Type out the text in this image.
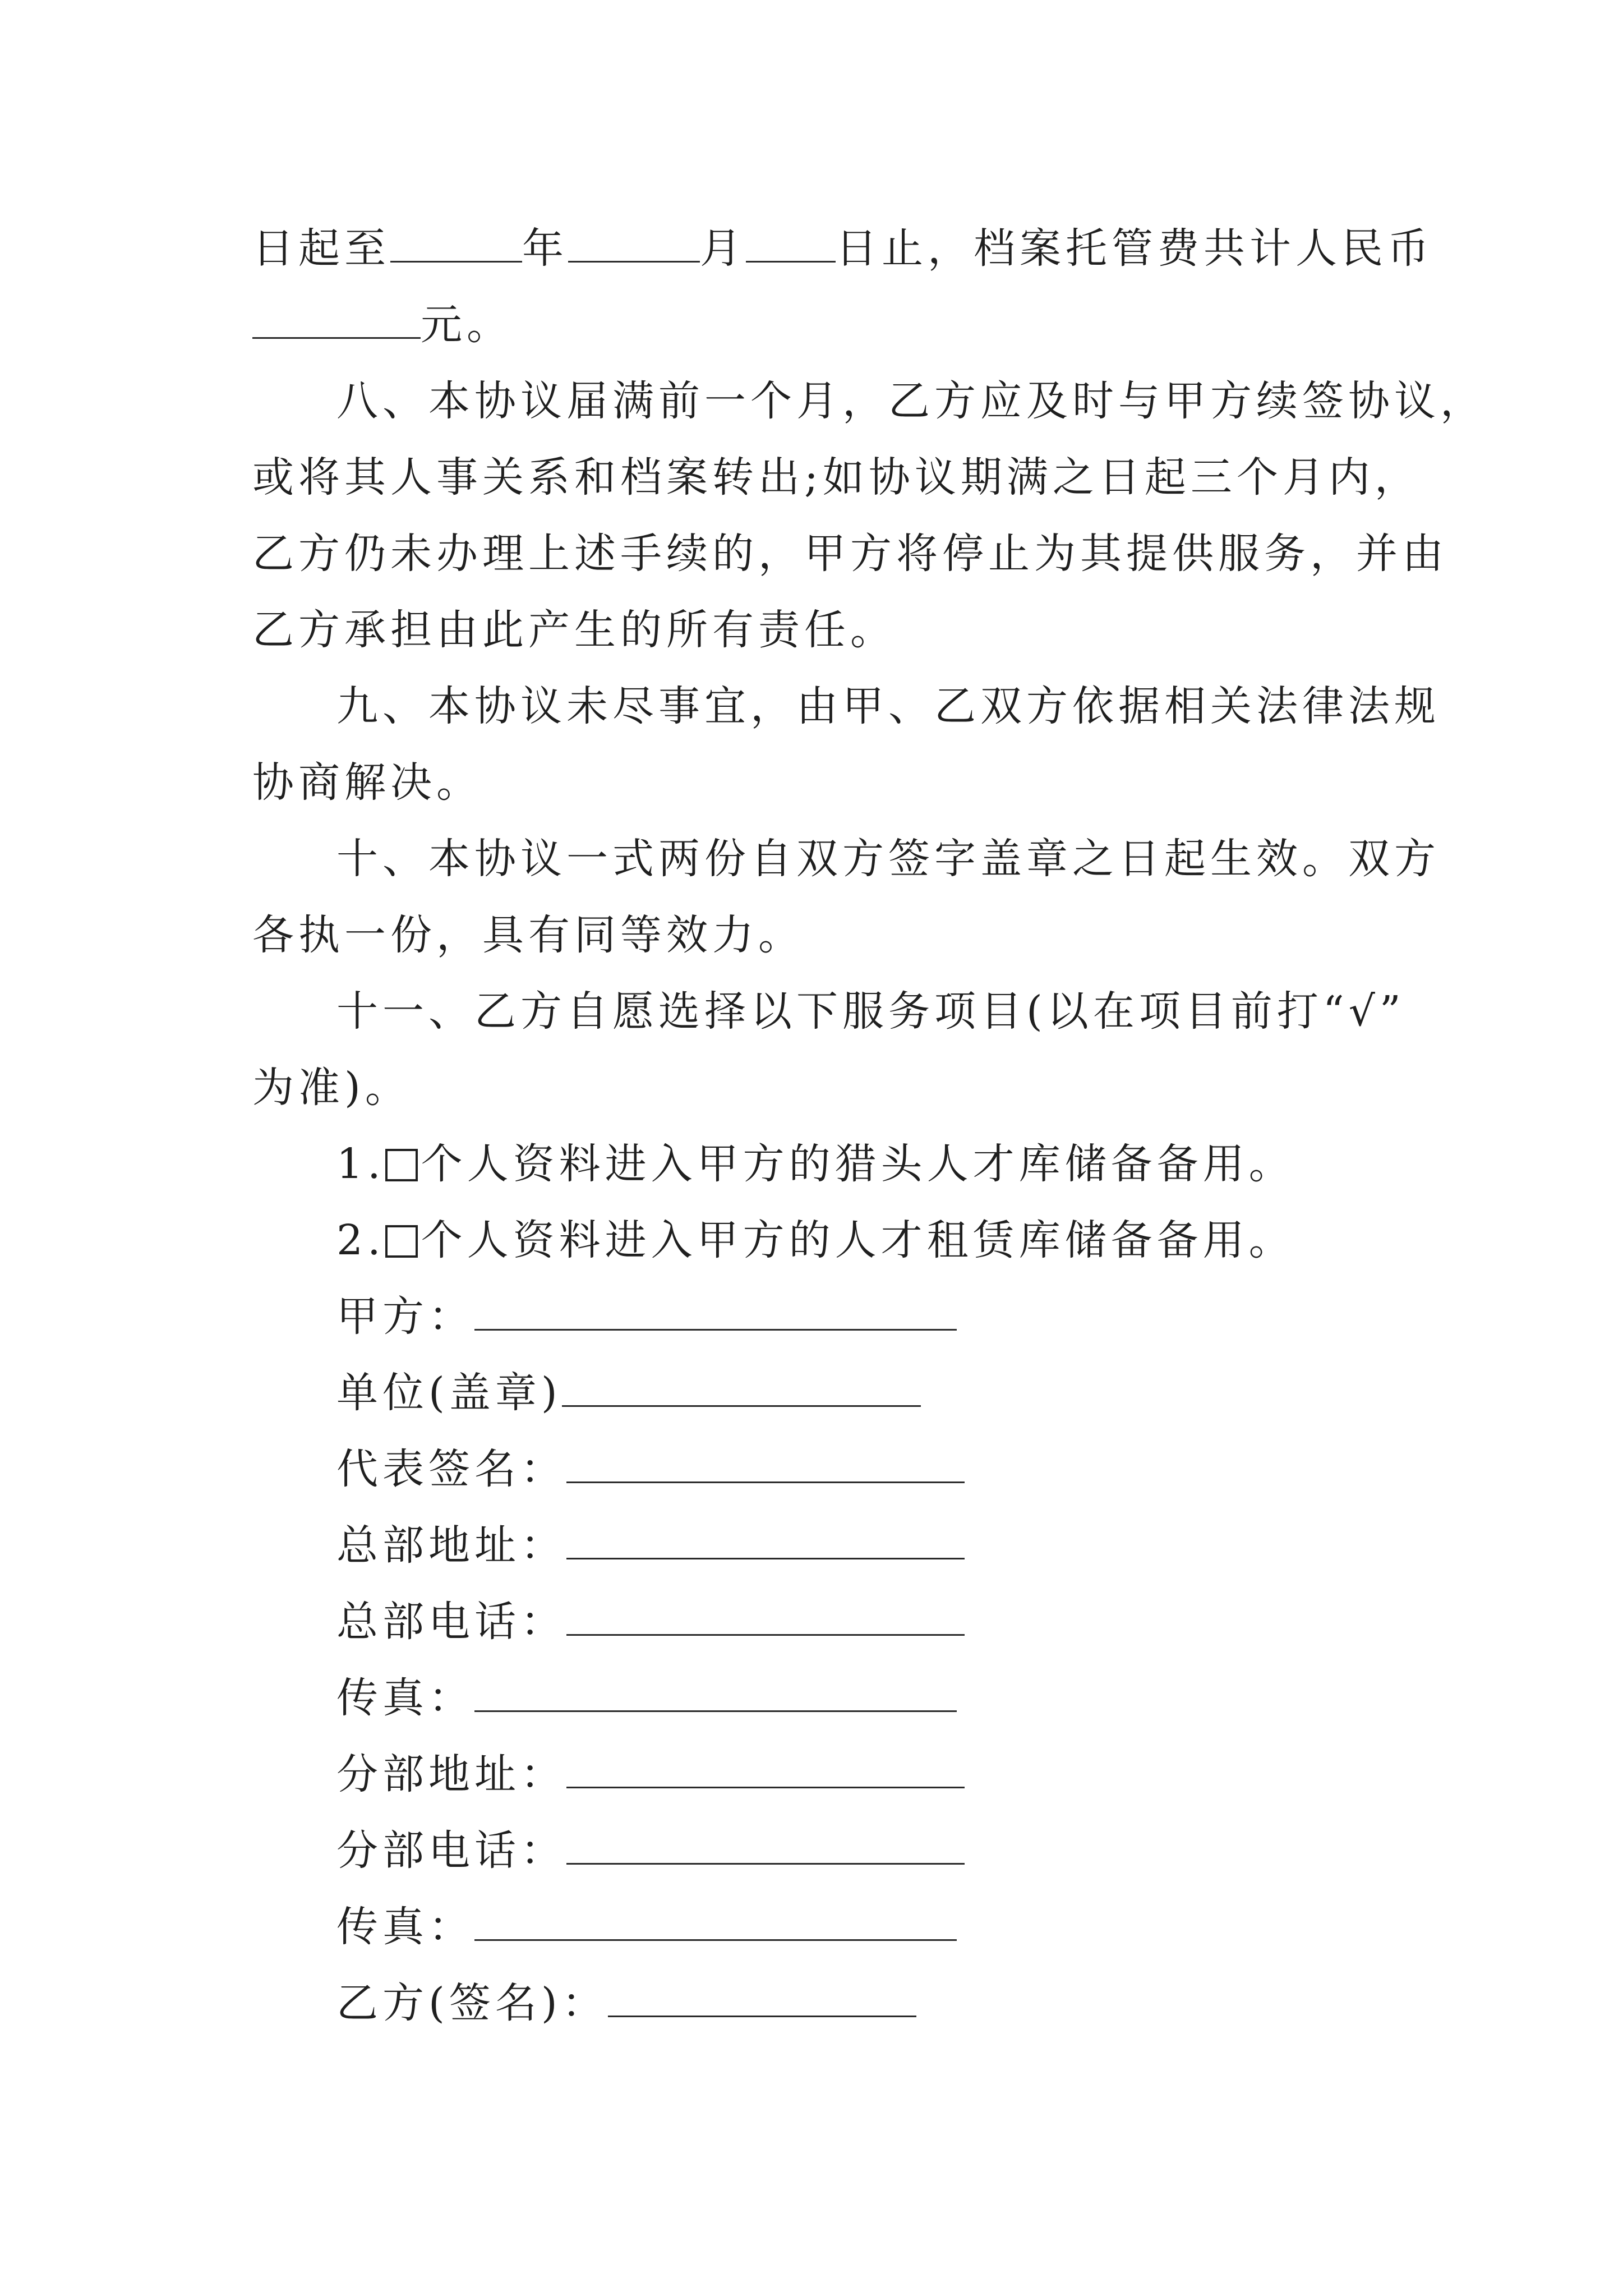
日起至	年	月 日止，档案托管费共计人民币
元。
八、本协议届满前一个月，乙方应及时与甲方续签协议，
或将其人事关系和档案转出;如协议期满之日起三个月内，
乙方仍未办理上述手续的，甲方将停止为其提供服务，并由
乙方承担由此产生的所有责任。
九、本协议未尽事宜，由甲、乙双方依据相关法律法规
协商解决。
十、本协议一式两份自双方签字盖章之日起生效。双方
各执一份，具有同等效力。
十一、乙方自愿选择以下服务项目(以在项目前打“√”
为准)。
1. 个人资料进入甲方的猎头人才库储备备用。
2. 个人资料进入甲方的人才租赁库储备备用。
甲方：
单位(盖章)
代表签名：
总部地址：
总部电话：
传真：
分部地址：
分部电话：
传真：
乙方(签名)：
